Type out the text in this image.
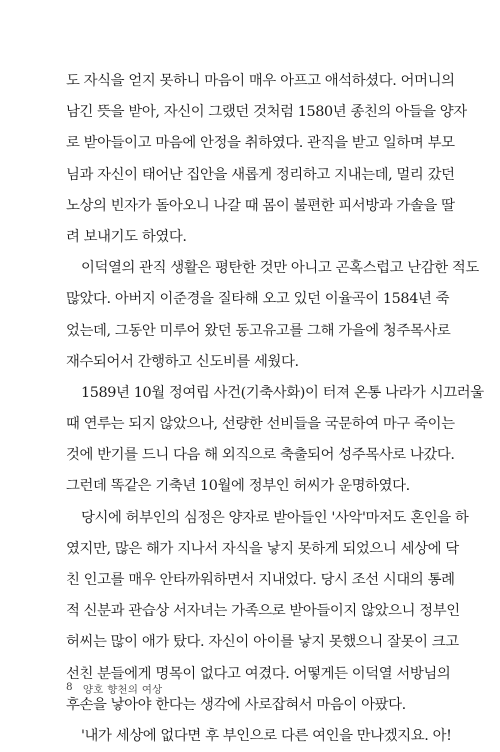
도 자식을 얻지 못하니 마음이 매우 아프고 애석하셨다. 어머니의
남긴 뜻을 받아, 자신이 그랬던 것처럼 1580년 종친의 아들을 양자
로 받아들이고 마음에 안정을 취하였다. 관직을 받고 일하며 부모
님과 자신이 태어난 집안을 새롭게 정리하고 지내는데, 멀리 갔던
노상의 빈자가 돌아오니 나갈 때 몸이 불편한 피서방과 가솔을 딸
려 보내기도 하였다.
이덕열의 관직 생활은 평탄한 것만 아니고 곤혹스럽고 난감한 적도
많았다. 아버지 이준경을 질타해 오고 있던 이율곡이 1584년 죽
었는데, 그동안 미루어 왔던 동고유고를 그해 가을에 청주목사로
재수되어서 간행하고 신도비를 세웠다.
1589년 10월 정여립 사건(기축사화)이 터져 온통 나라가 시끄러울
때 연루는 되지 않았으나, 선량한 선비들을 국문하여 마구 죽이는
것에 반기를 드니 다음 해 외직으로 축출되어 성주목사로 나갔다.
그런데 똑같은 기축년 10월에 정부인 허씨가 운명하였다.
당시에 허부인의 심정은 양자로 받아들인 '사악'마저도 혼인을 하
였지만, 많은 해가 지나서 자식을 낳지 못하게 되었으니 세상에 닥
친 인고를 매우 안타까워하면서 지내었다. 당시 조선 시대의 통례
적 신분과 관습상 서자녀는 가족으로 받아들이지 않았으니 정부인
허씨는 많이 애가 탔다. 자신이 아이를 낳지 못했으니 잘못이 크고
선친 분들에게 명목이 없다고 여겼다. 어떻게든 이덕열 서방님의
후손을 낳아야 한다는 생각에 사로잡혀서 마음이 아팠다.
'내가 세상에 없다면 후 부인으로 다른 여인을 만나겠지요. 아!
8 양호 향천의 여상
